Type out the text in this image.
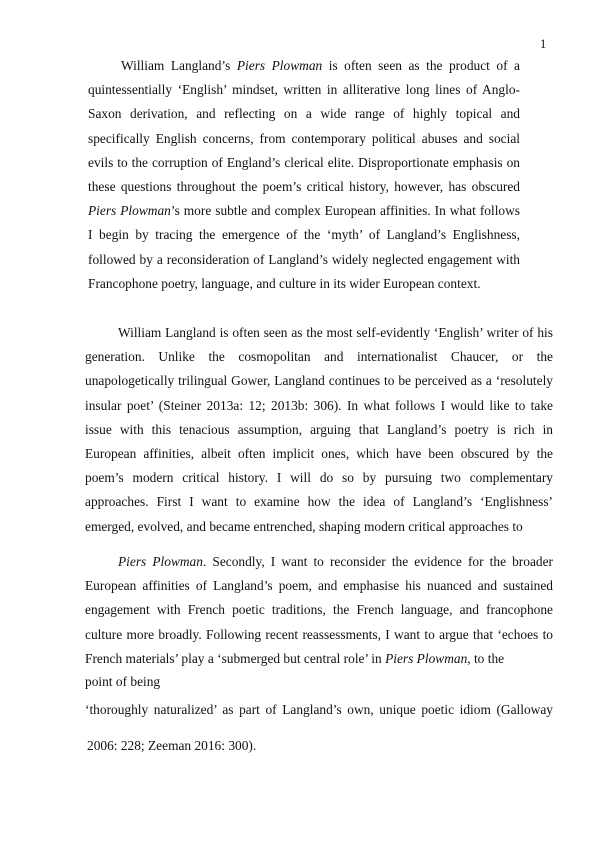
1

William Langland’s Piers Plowman is often seen as the product of a quintessentially ‘English’ mindset, written in alliterative long lines of Anglo-Saxon derivation, and reflecting on a wide range of highly topical and specifically English concerns, from contemporary political abuses and social evils to the corruption of England’s clerical elite. Disproportionate emphasis on these questions throughout the poem’s critical history, however, has obscured Piers Plowman’s more subtle and complex European affinities. In what follows I begin by tracing the emergence of the ‘myth’ of Langland’s Englishness, followed by a reconsideration of Langland’s widely neglected engagement with Francophone poetry, language, and culture in its wider European context.

William Langland is often seen as the most self-evidently ‘English’ writer of his generation. Unlike the cosmopolitan and internationalist Chaucer, or the unapologetically trilingual Gower, Langland continues to be perceived as a ‘resolutely insular poet’ (Steiner 2013a: 12; 2013b: 306). In what follows I would like to take issue with this tenacious assumption, arguing that Langland’s poetry is rich in European affinities, albeit often implicit ones, which have been obscured by the poem’s modern critical history. I will do so by pursuing two complementary approaches. First I want to examine how the idea of Langland’s ‘Englishness’ emerged, evolved, and became entrenched, shaping modern critical approaches to

Piers Plowman. Secondly, I want to reconsider the evidence for the broader European affinities of Langland’s poem, and emphasise his nuanced and sustained engagement with French poetic traditions, the French language, and francophone culture more broadly. Following recent reassessments, I want to argue that ‘echoes to French materials’ play a ‘submerged but central role’ in Piers Plowman, to the

point of being
‘thoroughly naturalized’ as part of Langland’s own, unique poetic idiom (Galloway
2006: 228; Zeeman 2016: 300).
